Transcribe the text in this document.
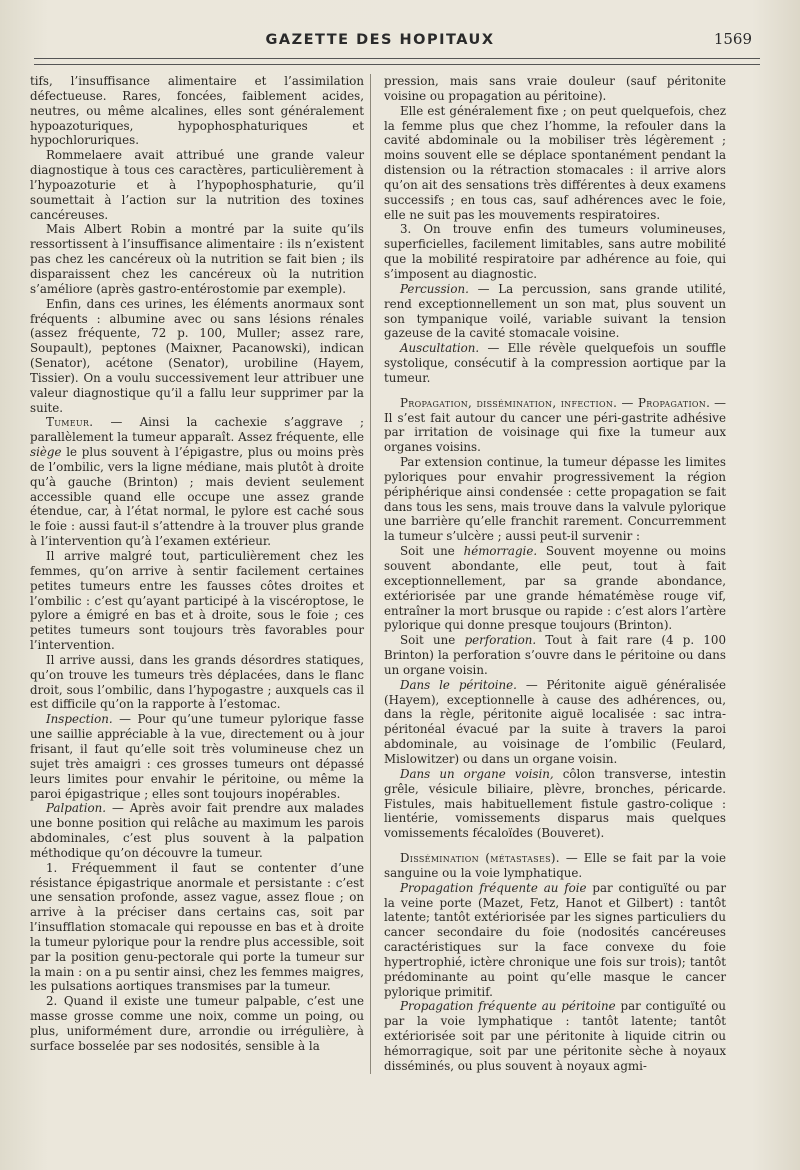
GAZETTE DES HOPITAUX	1569

tifs, l’insuffisance alimentaire et l’assimilation défectueuse. Rares, foncées, faiblement acides, neutres, ou même alcalines, elles sont généralement hypoazoturiques, hypophosphaturiques et hypochloruriques.

Rommelaere avait attribué une grande valeur diagnostique à tous ces caractères, particulièrement à l’hypoazoturie et à l’hypophosphaturie, qu’il soumettait à l’action sur la nutrition des toxines cancéreuses.

Mais Albert Robin a montré par la suite qu’ils ressortissent à l’insuffisance alimentaire : ils n’existent pas chez les cancéreux où la nutrition se fait bien ; ils disparaissent chez les cancéreux où la nutrition s’améliore (après gastro-entérostomie par exemple).

Enfin, dans ces urines, les éléments anormaux sont fréquents : albumine avec ou sans lésions rénales (assez fréquente, 72 p. 100, Muller; assez rare, Soupault), peptones (Maixner, Pacanowski), indican (Senator), acétone (Senator), urobiline (Hayem, Tissier). On a voulu successivement leur attribuer une valeur diagnostique qu’il a fallu leur supprimer par la suite.

Tumeur. — Ainsi la cachexie s’aggrave ; parallèlement la tumeur apparaît. Assez fréquente, elle siège le plus souvent à l’épigastre, plus ou moins près de l’ombilic, vers la ligne médiane, mais plutôt à droite qu’à gauche (Brinton) ; mais devient seulement accessible quand elle occupe une assez grande étendue, car, à l’état normal, le pylore est caché sous le foie : aussi faut-il s’attendre à la trouver plus grande à l’intervention qu’à l’examen extérieur.

Il arrive malgré tout, particulièrement chez les femmes, qu’on arrive à sentir facilement certaines petites tumeurs entre les fausses côtes droites et l’ombilic : c’est qu’ayant participé à la viscéroptose, le pylore a émigré en bas et à droite, sous le foie ; ces petites tumeurs sont toujours très favorables pour l’intervention.

Il arrive aussi, dans les grands désordres statiques, qu’on trouve les tumeurs très déplacées, dans le flanc droit, sous l’ombilic, dans l’hypogastre ; auxquels cas il est difficile qu’on la rapporte à l’estomac.

Inspection. — Pour qu’une tumeur pylorique fasse une saillie appréciable à la vue, directement ou à jour frisant, il faut qu’elle soit très volumineuse chez un sujet très amaigri : ces grosses tumeurs ont dépassé leurs limites pour envahir le péritoine, ou même la paroi épigastrique ; elles sont toujours inopérables.

Palpation. — Après avoir fait prendre aux malades une bonne position qui relâche au maximum les parois abdominales, c’est plus souvent à la palpation méthodique qu’on découvre la tumeur.

1. Fréquemment il faut se contenter d’une résistance épigastrique anormale et persistante : c’est une sensation profonde, assez vague, assez floue ; on arrive à la préciser dans certains cas, soit par l’insufflation stomacale qui repousse en bas et à droite la tumeur pylorique pour la rendre plus accessible, soit par la position genu-pectorale qui porte la tumeur sur la main : on a pu sentir ainsi, chez les femmes maigres, les pulsations aortiques transmises par la tumeur.

2. Quand il existe une tumeur palpable, c’est une masse grosse comme une noix, comme un poing, ou plus, uniformément dure, arrondie ou irrégulière, à surface bosselée par ses nodosités, sensible à la

pression, mais sans vraie douleur (sauf péritonite voisine ou propagation au péritoine).

Elle est généralement fixe ; on peut quelquefois, chez la femme plus que chez l’homme, la refouler dans la cavité abdominale ou la mobiliser très légèrement ; moins souvent elle se déplace spontanément pendant la distension ou la rétraction stomacales : il arrive alors qu’on ait des sensations très différentes à deux examens successifs ; en tous cas, sauf adhérences avec le foie, elle ne suit pas les mouvements respiratoires.

3. On trouve enfin des tumeurs volumineuses, superficielles, facilement limitables, sans autre mobilité que la mobilité respiratoire par adhérence au foie, qui s’imposent au diagnostic.

Percussion. — La percussion, sans grande utilité, rend exceptionnellement un son mat, plus souvent un son tympanique voilé, variable suivant la tension gazeuse de la cavité stomacale voisine.

Auscultation. — Elle révèle quelquefois un souffle systolique, consécutif à la compression aortique par la tumeur.

Propagation, dissémination, infection. — Propagation. — Il s’est fait autour du cancer une péri-gastrite adhésive par irritation de voisinage qui fixe la tumeur aux organes voisins.

Par extension continue, la tumeur dépasse les limites pyloriques pour envahir progressivement la région périphérique ainsi condensée : cette propagation se fait dans tous les sens, mais trouve dans la valvule pylorique une barrière qu’elle franchit rarement. Concurremment la tumeur s’ulcère ; aussi peut-il survenir :

Soit une hémorragie. Souvent moyenne ou moins souvent abondante, elle peut, tout à fait exceptionnellement, par sa grande abondance, extériorisée par une grande hématémèse rouge vif, entraîner la mort brusque ou rapide : c’est alors l’artère pylorique qui donne presque toujours (Brinton).

Soit une perforation. Tout à fait rare (4 p. 100 Brinton) la perforation s’ouvre dans le péritoine ou dans un organe voisin.

Dans le péritoine. — Péritonite aiguë généralisée (Hayem), exceptionnelle à cause des adhérences, ou, dans la règle, péritonite aiguë localisée : sac intra-péritonéal évacué par la suite à travers la paroi abdominale, au voisinage de l’ombilic (Feulard, Mislowitzer) ou dans un organe voisin.

Dans un organe voisin, côlon transverse, intestin grêle, vésicule biliaire, plèvre, bronches, péricarde. Fistules, mais habituellement fistule gastro-colique : lientérie, vomissements disparus mais quelques vomissements fécaloïdes (Bouveret).

Dissémination (métastases). — Elle se fait par la voie sanguine ou la voie lymphatique.

Propagation fréquente au foie par contiguïté ou par la veine porte (Mazet, Fetz, Hanot et Gilbert) : tantôt latente; tantôt extériorisée par les signes particuliers du cancer secondaire du foie (nodosités cancéreuses caractéristiques sur la face convexe du foie hypertrophié, ictère chronique une fois sur trois); tantôt prédominante au point qu’elle masque le cancer pylorique primitif.

Propagation fréquente au péritoine par contiguïté ou par la voie lymphatique : tantôt latente; tantôt extériorisée soit par une péritonite à liquide citrin ou hémorragique, soit par une péritonite sèche à noyaux disséminés, ou plus souvent à noyaux agmi-
